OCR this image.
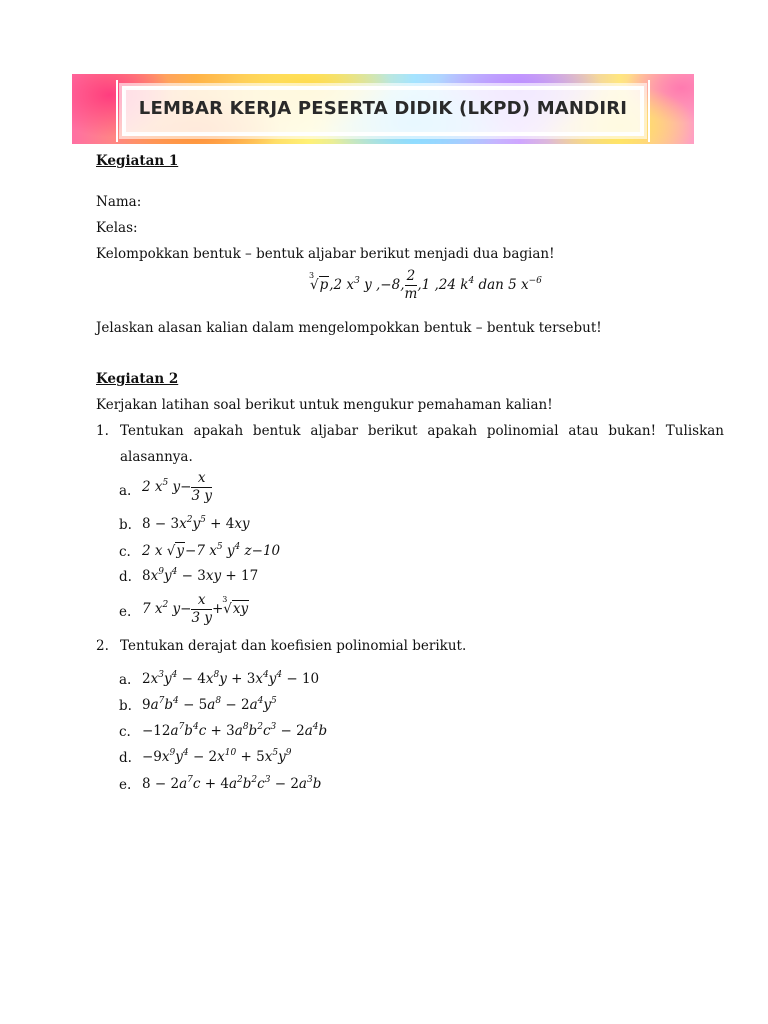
LEMBAR KERJA PESERTA DIDIK (LKPD) MANDIRI
Kegiatan 1
Nama:
Kelas:
Kelompokkan bentuk – bentuk aljabar berikut menjadi dua bagian!
3
√p,2 $x^3$ y ,−8, $\frac{2}{m} ,1$ ,24 $k^4$ dan 5 $x^{-6}$
Jelaskan alasan kalian dalam mengelompokkan bentuk – bentuk tersebut!
Kegiatan 2
Kerjakan latihan soal berikut untuk mengukur pemahaman kalian!
1. Tentukan apakah bentuk aljabar berikut apakah polinomial atau bukan! Tuliskan
alasannya.
a. 2 $x^5$ $y- \frac{x}{3 y}$
b. $8 - 3x^2y^5 + 4xy$
c. 2 x √y−7 $x^5$ $y^4$ z−10
d. $8x^9y^4 - 3xy + 17$
e. 7 $x^2$ $y- \frac{x}{3 y}$ +
3
√xy
2. Tentukan derajat dan koefisien polinomial berikut.
a. $2x^3y^4 - 4x^8y + 3x^4y^4 - 10$
b. $9a^7b^4 - 5a^8 - 2a^4y^5$
c. $-12a^7b^4c + 3a^8b^2c^3 - 2a^4b$
d. $-9x^9y^4 - 2x^{10} + 5x^5y^9$
e. $8 - 2a^7c + 4a^2b^2c^3 - 2a^3b$
